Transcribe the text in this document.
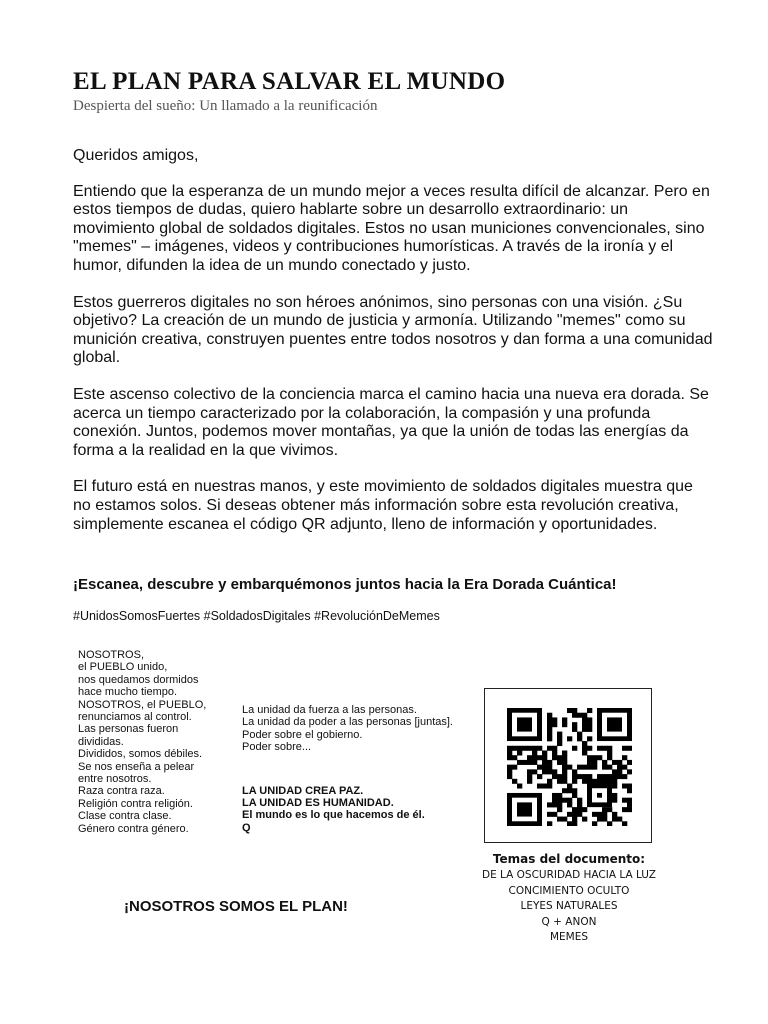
EL PLAN PARA SALVAR EL MUNDO
Despierta del sueño: Un llamado a la reunificación

Queridos amigos,

Entiendo que la esperanza de un mundo mejor a veces resulta difícil de alcanzar. Pero en estos tiempos de dudas, quiero hablarte sobre un desarrollo extraordinario: un movimiento global de soldados digitales. Estos no usan municiones convencionales, sino "memes" – imágenes, videos y contribuciones humorísticas. A través de la ironía y el humor, difunden la idea de un mundo conectado y justo.

Estos guerreros digitales no son héroes anónimos, sino personas con una visión. ¿Su objetivo? La creación de un mundo de justicia y armonía. Utilizando "memes" como su munición creativa, construyen puentes entre todos nosotros y dan forma a una comunidad global.

Este ascenso colectivo de la conciencia marca el camino hacia una nueva era dorada. Se acerca un tiempo caracterizado por la colaboración, la compasión y una profunda conexión. Juntos, podemos mover montañas, ya que la unión de todas las energías da forma a la realidad en la que vivimos.

El futuro está en nuestras manos, y este movimiento de soldados digitales muestra que no estamos solos. Si deseas obtener más información sobre esta revolución creativa, simplemente escanea el código QR adjunto, lleno de información y oportunidades.

¡Escanea, descubre y embarquémonos juntos hacia la Era Dorada Cuántica!
#UnidosSomosFuertes #SoldadosDigitales #RevoluciónDeMemes
NOSOTROS,
el PUEBLO unido,
nos quedamos dormidos
hace mucho tiempo.
NOSOTROS, el PUEBLO,
renunciamos al control.
Las personas fueron
divididas.
Divididos, somos débiles.
Se nos enseña a pelear
entre nosotros.
Raza contra raza.
Religión contra religión.
Clase contra clase.
Género contra género.
La unidad da fuerza a las personas.
La unidad da poder a las personas [juntas].
Poder sobre el gobierno.
Poder sobre...
LA UNIDAD CREA PAZ.
LA UNIDAD ES HUMANIDAD.
El mundo es lo que hacemos de él.
Q
Temas del documento:
DE LA OSCURIDAD HACIA LA LUZ
CONCIMIENTO OCULTO
LEYES NATURALES
Q + ANON
MEMES
¡NOSOTROS SOMOS EL PLAN!
